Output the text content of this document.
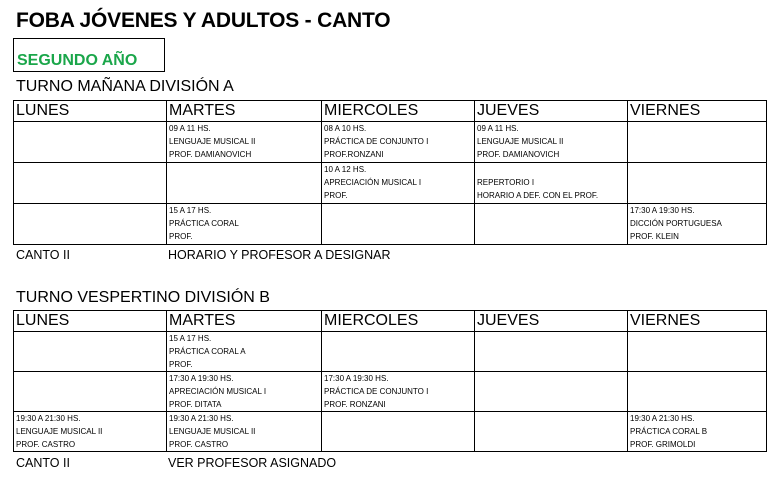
FOBA JÓVENES Y ADULTOS - CANTO
SEGUNDO AÑO
TURNO MAÑANA DIVISIÓN A
LUNES	MARTES	MIERCOLES	JUEVES	VIERNES

	09 A 11 HS.
LENGUAJE MUSICAL II
PROF. DAMIANOVICH	08 A 10 HS.
PRÁCTICA DE CONJUNTO I
PROF.RONZANI	09 A 11 HS.
LENGUAJE MUSICAL II
PROF. DAMIANOVICH	

		10 A 12 HS.
APRECIACIÓN MUSICAL I
PROF.	REPERTORIO I
HORARIO A DEF. CON EL PROF.	

	15 A 17 HS.
PRÁCTICA CORAL
PROF.			17:30 A 19:30 HS.
DICCIÓN PORTUGUESA
PROF. KLEIN
CANTO II	HORARIO Y PROFESOR A DESIGNAR
TURNO VESPERTINO DIVISIÓN B
LUNES	MARTES	MIERCOLES	JUEVES	VIERNES

	15 A 17 HS.
PRÁCTICA CORAL A
PROF.			

	17:30 A 19:30 HS.
APRECIACIÓN MUSICAL I
PROF. DITATA	17:30 A 19:30 HS.
PRÁCTICA DE CONJUNTO I
PROF. RONZANI		

19:30 A 21:30 HS.
LENGUAJE MUSICAL II
PROF. CASTRO	19:30 A 21:30 HS.
LENGUAJE MUSICAL II
PROF. CASTRO			19:30 A 21:30 HS.
PRÁCTICA CORAL B
PROF. GRIMOLDI
CANTO II	VER PROFESOR ASIGNADO
